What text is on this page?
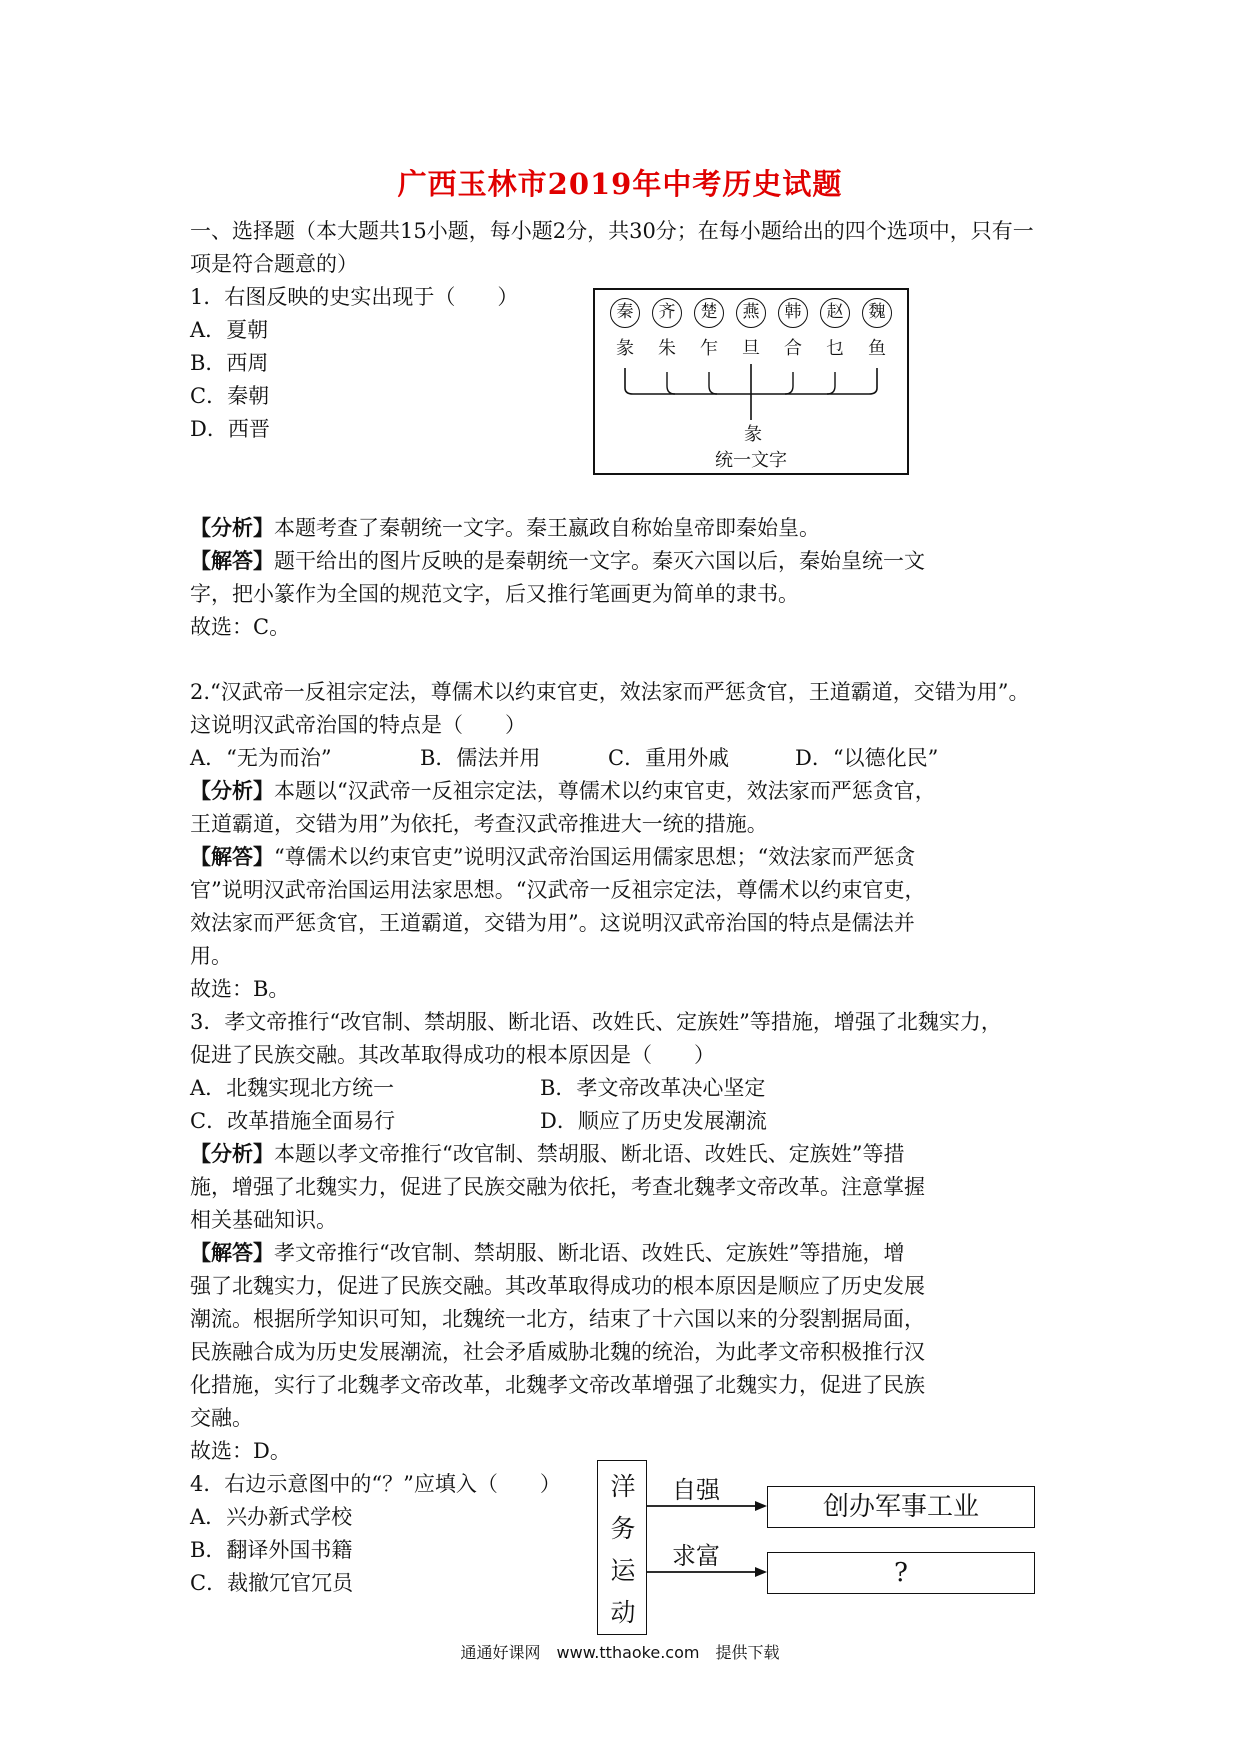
广西玉林市2019年中考历史试题
一、选择题（本大题共15小题，每小题2分，共30分；在每小题给出的四个选项中，只有一
项是符合题意的）
1．右图反映的史实出现于（　　）
A．夏朝
B．西周
C．秦朝
D．西晋
秦	齐	楚	燕	韩	赵	魏
彖	朱	乍	旦	合	乜	鱼
彖
统一文字
【分析】本题考查了秦朝统一文字。秦王嬴政自称始皇帝即秦始皇。
【解答】题干给出的图片反映的是秦朝统一文字。秦灭六国以后，秦始皇统一文
字，把小篆作为全国的规范文字，后又推行笔画更为简单的隶书。
故选：C。
2.“汉武帝一反祖宗定法，尊儒术以约束官吏，效法家而严惩贪官，王道霸道，交错为用”。
这说明汉武帝治国的特点是（　　）
A．“无为而治”	B．儒法并用	C．重用外戚	D．“以德化民”
【分析】本题以“汉武帝一反祖宗定法，尊儒术以约束官吏，效法家而严惩贪官，
王道霸道，交错为用”为依托，考查汉武帝推进大一统的措施。
【解答】“尊儒术以约束官吏”说明汉武帝治国运用儒家思想；“效法家而严惩贪
官”说明汉武帝治国运用法家思想。“汉武帝一反祖宗定法，尊儒术以约束官吏，
效法家而严惩贪官，王道霸道，交错为用”。这说明汉武帝治国的特点是儒法并
用。
故选：B。
3．孝文帝推行“改官制、禁胡服、断北语、改姓氏、定族姓”等措施，增强了北魏实力，
促进了民族交融。其改革取得成功的根本原因是（　　）
A．北魏实现北方统一	B．孝文帝改革决心坚定
C．改革措施全面易行	D．顺应了历史发展潮流
【分析】本题以孝文帝推行“改官制、禁胡服、断北语、改姓氏、定族姓”等措
施，增强了北魏实力，促进了民族交融为依托，考查北魏孝文帝改革。注意掌握
相关基础知识。
【解答】孝文帝推行“改官制、禁胡服、断北语、改姓氏、定族姓”等措施，增
强了北魏实力，促进了民族交融。其改革取得成功的根本原因是顺应了历史发展
潮流。根据所学知识可知，北魏统一北方，结束了十六国以来的分裂割据局面，
民族融合成为历史发展潮流，社会矛盾威胁北魏的统治，为此孝文帝积极推行汉
化措施，实行了北魏孝文帝改革，北魏孝文帝改革增强了北魏实力，促进了民族
交融。
故选：D。
4．右边示意图中的“？”应填入（　　）
A．兴办新式学校
B．翻译外国书籍
C．裁撤冗官冗员
洋
务
运
动
自强
求富
创办军事工业
?
通通好课网　www.tthaoke.com　提供下载
